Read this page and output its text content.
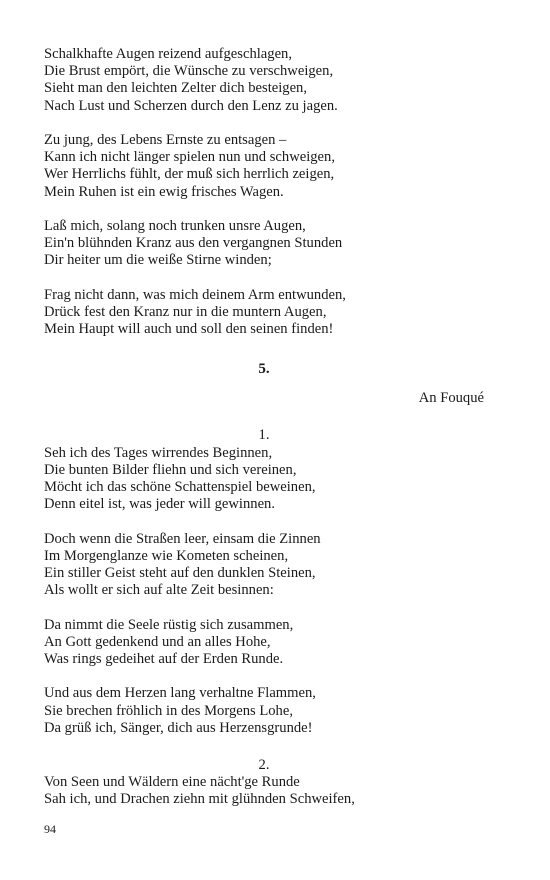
Schalkhafte Augen reizend aufgeschlagen,
Die Brust empört, die Wünsche zu verschweigen,
Sieht man den leichten Zelter dich besteigen,
Nach Lust und Scherzen durch den Lenz zu jagen.
Zu jung, des Lebens Ernste zu entsagen –
Kann ich nicht länger spielen nun und schweigen,
Wer Herrlichs fühlt, der muß sich herrlich zeigen,
Mein Ruhen ist ein ewig frisches Wagen.
Laß mich, solang noch trunken unsre Augen,
Ein'n blühnden Kranz aus den vergangnen Stunden
Dir heiter um die weiße Stirne winden;
Frag nicht dann, was mich deinem Arm entwunden,
Drück fest den Kranz nur in die muntern Augen,
Mein Haupt will auch und soll den seinen finden!
5.
An Fouqué
1.
Seh ich des Tages wirrendes Beginnen,
Die bunten Bilder fliehn und sich vereinen,
Möcht ich das schöne Schattenspiel beweinen,
Denn eitel ist, was jeder will gewinnen.
Doch wenn die Straßen leer, einsam die Zinnen
Im Morgenglanze wie Kometen scheinen,
Ein stiller Geist steht auf den dunklen Steinen,
Als wollt er sich auf alte Zeit besinnen:
Da nimmt die Seele rüstig sich zusammen,
An Gott gedenkend und an alles Hohe,
Was rings gedeihet auf der Erden Runde.
Und aus dem Herzen lang verhaltne Flammen,
Sie brechen fröhlich in des Morgens Lohe,
Da grüß ich, Sänger, dich aus Herzensgrunde!
2.
Von Seen und Wäldern eine nächt'ge Runde
Sah ich, und Drachen ziehn mit glühnden Schweifen,
94
